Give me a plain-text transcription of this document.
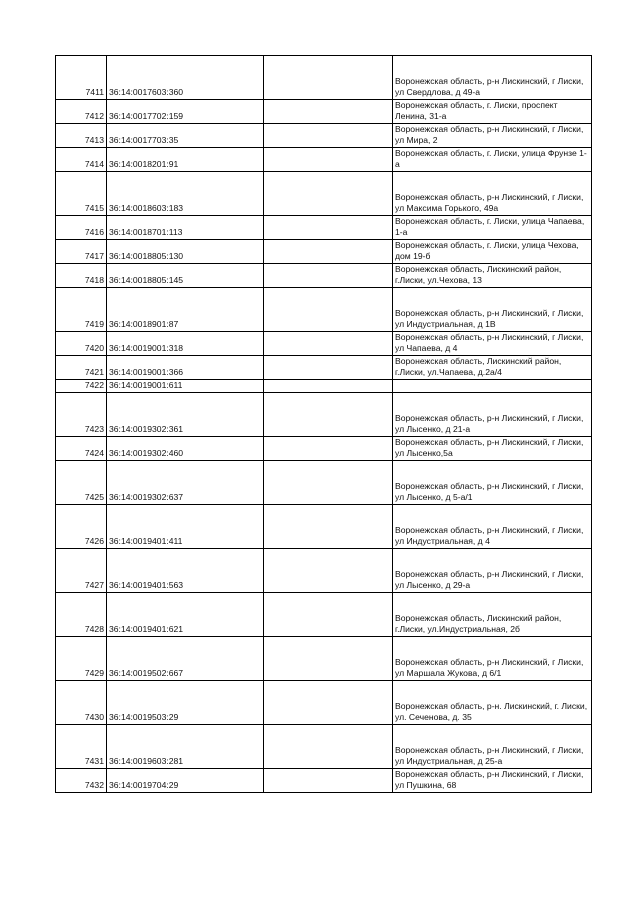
7411	36:14:0017603:360		Воронежская область, р-н Лискинский, г Лиски, ул Свердлова, д 49-а
7412	36:14:0017702:159		Воронежская область, г. Лиски, проспект Ленина, 31-а
7413	36:14:0017703:35		Воронежская область, р-н Лискинский, г Лиски, ул Мира, 2
7414	36:14:0018201:91		Воронежская область, г. Лиски, улица Фрунзе 1-а
7415	36:14:0018603:183		Воронежская область, р-н Лискинский, г Лиски, ул Максима Горького, 49а
7416	36:14:0018701:113		Воронежская область, г. Лиски, улица Чапаева, 1-а
7417	36:14:0018805:130		Воронежская область, г. Лиски, улица Чехова, дом 19-б
7418	36:14:0018805:145		Воронежская область, Лискинский район, г.Лиски, ул.Чехова, 13
7419	36:14:0018901:87		Воронежская область, р-н Лискинский, г Лиски, ул Индустриальная, д 1В
7420	36:14:0019001:318		Воронежская область, р-н Лискинский, г Лиски, ул Чапаева, д 4
7421	36:14:0019001:366		Воронежская область, Лискинский район, г.Лиски, ул.Чапаева, д.2а/4
7422	36:14:0019001:611		
7423	36:14:0019302:361		Воронежская область, р-н Лискинский, г Лиски, ул Лысенко, д 21-а
7424	36:14:0019302:460		Воронежская область, р-н Лискинский, г Лиски, ул Лысенко,5а
7425	36:14:0019302:637		Воронежская область, р-н Лискинский, г Лиски, ул Лысенко, д 5-а/1
7426	36:14:0019401:411		Воронежская область, р-н Лискинский, г Лиски, ул Индустриальная, д 4
7427	36:14:0019401:563		Воронежская область, р-н Лискинский, г Лиски, ул Лысенко, д 29-а
7428	36:14:0019401:621		Воронежская область, Лискинский район, г.Лиски, ул.Индустриальная, 2б
7429	36:14:0019502:667		Воронежская область, р-н Лискинский, г Лиски, ул Маршала Жукова, д 6/1
7430	36:14:0019503:29		Воронежская область, р-н. Лискинский, г. Лиски, ул. Сеченова, д. 35
7431	36:14:0019603:281		Воронежская область, р-н Лискинский, г Лиски, ул Индустриальная, д 25-а
7432	36:14:0019704:29		Воронежская область, р-н Лискинский, г Лиски, ул Пушкина, 68
